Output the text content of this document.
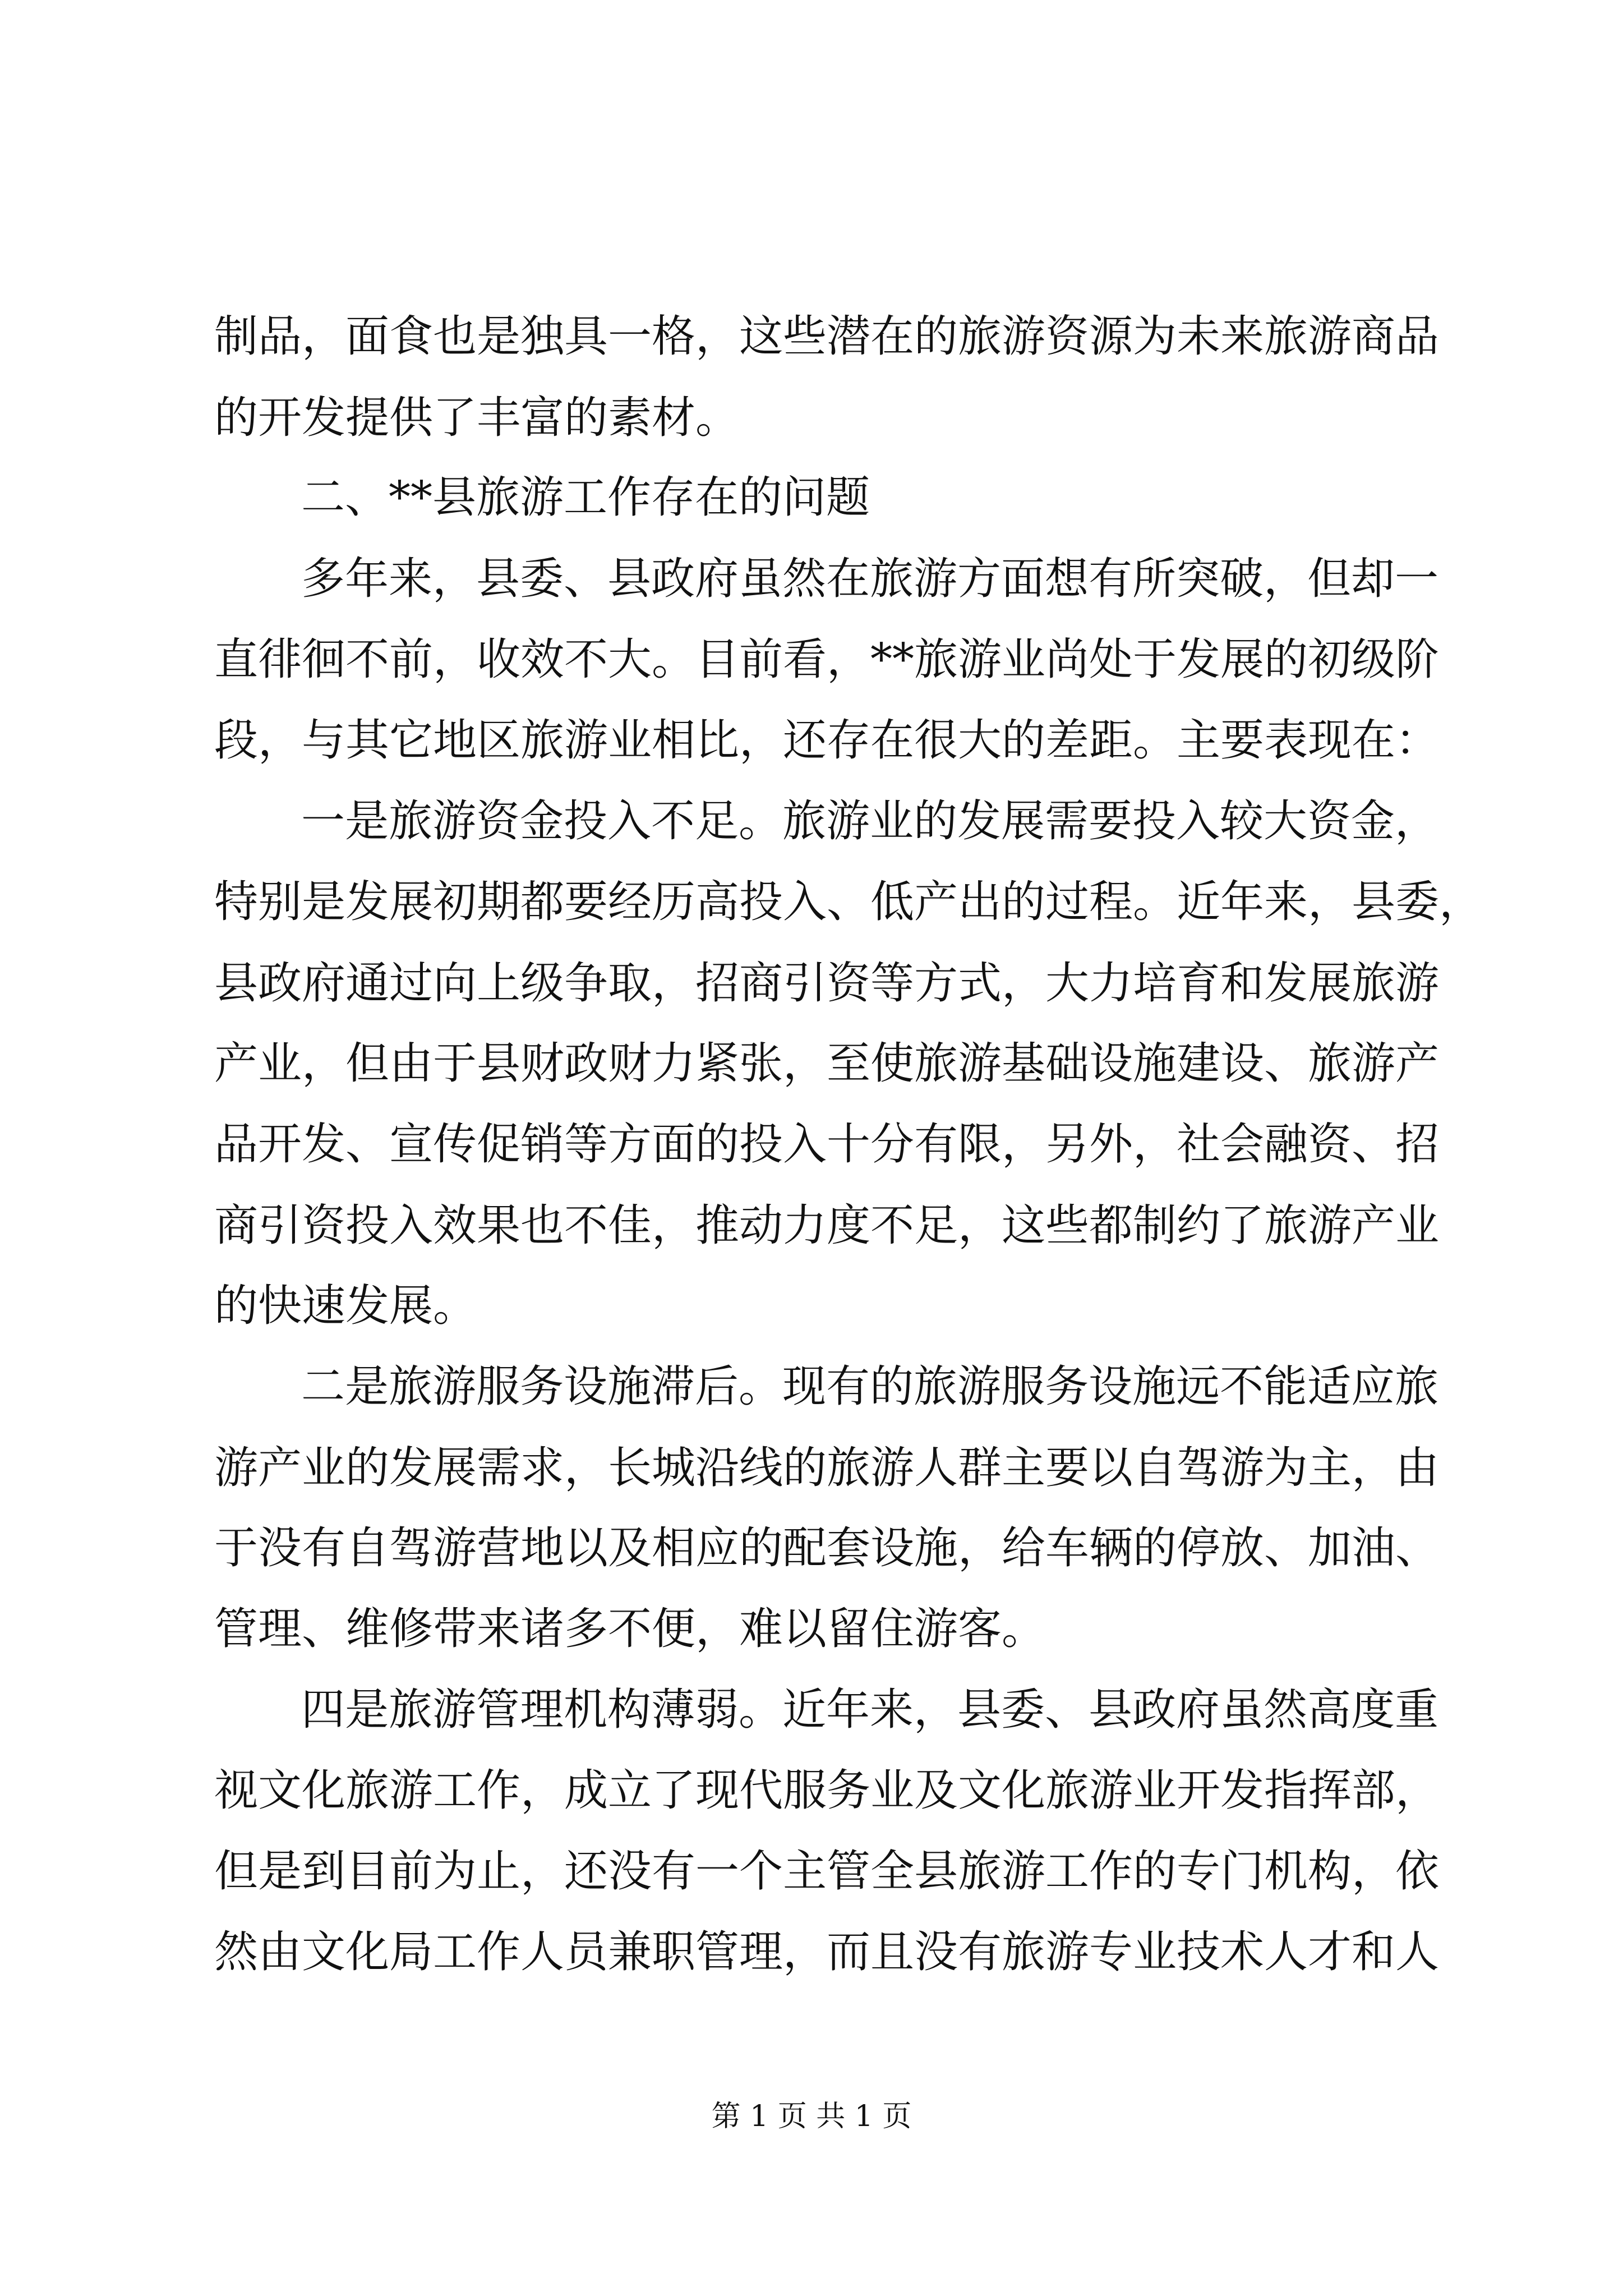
制品，面食也是独具一格，这些潜在的旅游资源为未来旅游商品

的开发提供了丰富的素材。

二、**县旅游工作存在的问题

多年来，县委、县政府虽然在旅游方面想有所突破，但却一

直徘徊不前，收效不大。目前看，**旅游业尚处于发展的初级阶

段，与其它地区旅游业相比，还存在很大的差距。主要表现在：

一是旅游资金投入不足。旅游业的发展需要投入较大资金，

特别是发展初期都要经历高投入、低产出的过程。近年来，县委，

县政府通过向上级争取，招商引资等方式，大力培育和发展旅游

产业，但由于县财政财力紧张，至使旅游基础设施建设、旅游产

品开发、宣传促销等方面的投入十分有限，另外，社会融资、招

商引资投入效果也不佳，推动力度不足，这些都制约了旅游产业

的快速发展。

二是旅游服务设施滞后。现有的旅游服务设施远不能适应旅

游产业的发展需求，长城沿线的旅游人群主要以自驾游为主，由

于没有自驾游营地以及相应的配套设施，给车辆的停放、加油、

管理、维修带来诸多不便，难以留住游客。

四是旅游管理机构薄弱。近年来，县委、县政府虽然高度重

视文化旅游工作，成立了现代服务业及文化旅游业开发指挥部，

但是到目前为止，还没有一个主管全县旅游工作的专门机构，依

然由文化局工作人员兼职管理，而且没有旅游专业技术人才和人

第 1 页 共 1 页
